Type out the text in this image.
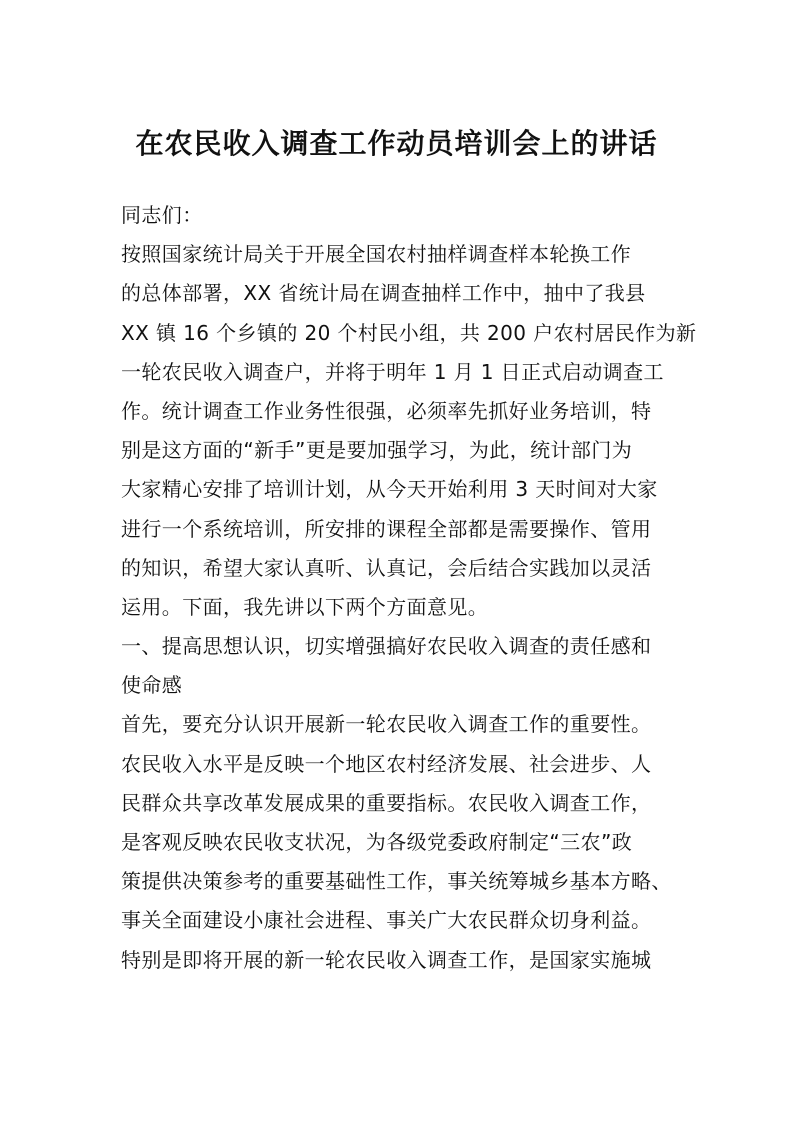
在农民收入调查工作动员培训会上的讲话
同志们：
按照国家统计局关于开展全国农村抽样调查样本轮换工作
的总体部署，XX 省统计局在调查抽样工作中，抽中了我县
XX 镇 16 个乡镇的 20 个村民小组，共 200 户农村居民作为新
一轮农民收入调查户，并将于明年 1 月 1 日正式启动调查工
作。统计调查工作业务性很强，必须率先抓好业务培训，特
别是这方面的“新手”更是要加强学习，为此，统计部门为
大家精心安排了培训计划，从今天开始利用 3 天时间对大家
进行一个系统培训，所安排的课程全部都是需要操作、管用
的知识，希望大家认真听、认真记，会后结合实践加以灵活
运用。下面，我先讲以下两个方面意见。
一、提高思想认识，切实增强搞好农民收入调查的责任感和
使命感
首先，要充分认识开展新一轮农民收入调查工作的重要性。
农民收入水平是反映一个地区农村经济发展、社会进步、人
民群众共享改革发展成果的重要指标。农民收入调查工作，
是客观反映农民收支状况，为各级党委政府制定“三农”政
策提供决策参考的重要基础性工作，事关统筹城乡基本方略、
事关全面建设小康社会进程、事关广大农民群众切身利益。
特别是即将开展的新一轮农民收入调查工作，是国家实施城
